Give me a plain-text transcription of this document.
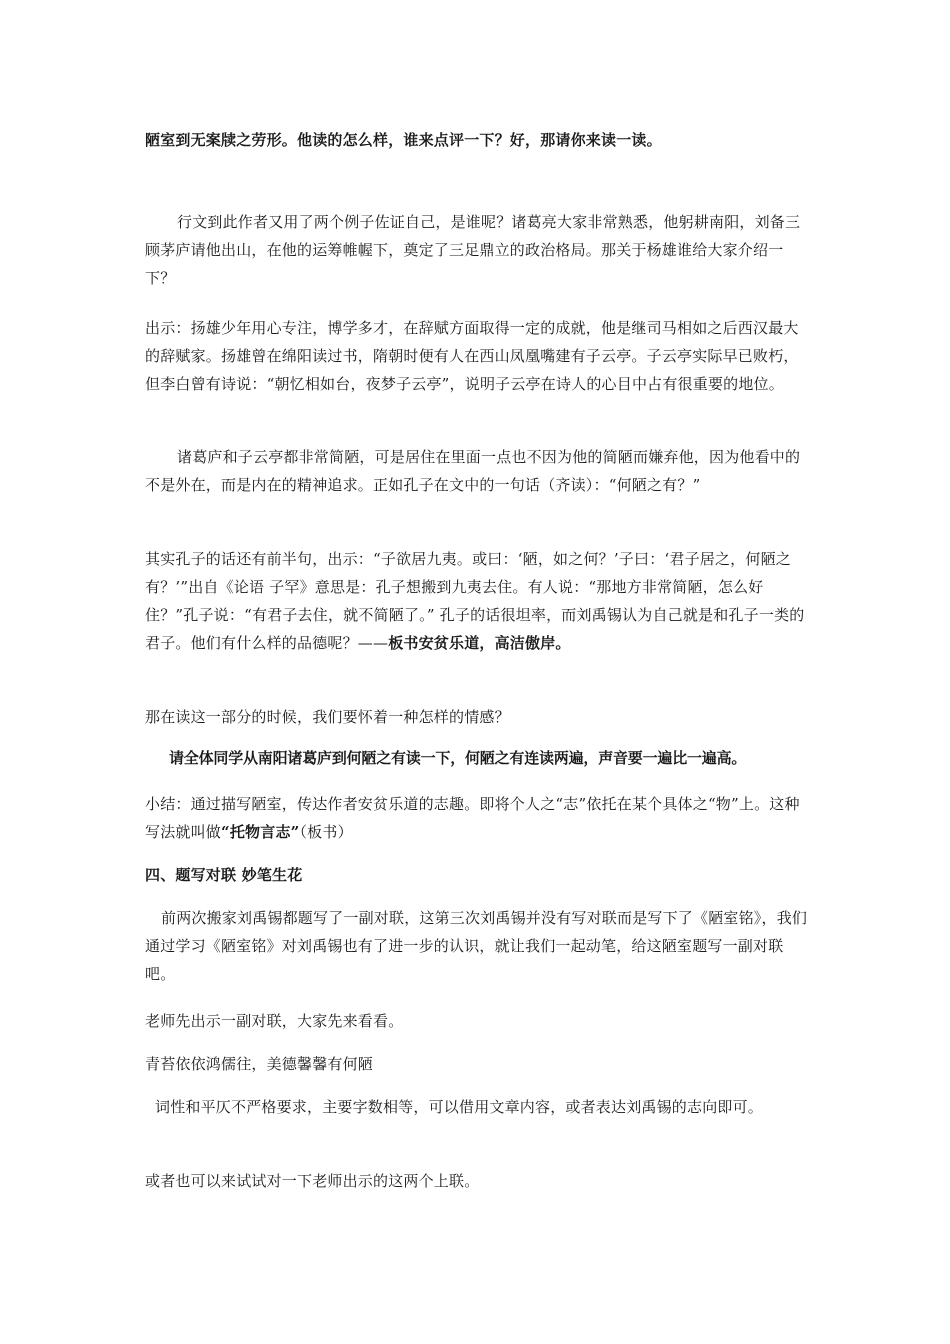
陋室到无案牍之劳形。他读的怎么样，谁来点评一下？好，那请你来读一读。

行文到此作者又用了两个例子佐证自己，是谁呢？诸葛亮大家非常熟悉，他躬耕南阳，刘备三顾茅庐请他出山，在他的运筹帷幄下，奠定了三足鼎立的政治格局。那关于杨雄谁给大家介绍一下？

出示：扬雄少年用心专注，博学多才，在辞赋方面取得一定的成就，他是继司马相如之后西汉最大的辞赋家。扬雄曾在绵阳读过书，隋朝时便有人在西山凤凰嘴建有子云亭。子云亭实际早已败朽，但李白曾有诗说：“朝忆相如台，夜梦子云亭”，说明子云亭在诗人的心目中占有很重要的地位。

诸葛庐和子云亭都非常简陋，可是居住在里面一点也不因为他的简陋而嫌弃他，因为他看中的不是外在，而是内在的精神追求。正如孔子在文中的一句话（齐读）：“何陋之有？”

其实孔子的话还有前半句，出示：“子欲居九夷。或曰：‘陋，如之何？’子曰：‘君子居之，何陋之有？’”出自《论语 子罕》意思是：孔子想搬到九夷去住。有人说：“那地方非常简陋，怎么好住？”孔子说：“有君子去住，就不简陋了。” 孔子的话很坦率，而刘禹锡认为自己就是和孔子一类的君子。他们有什么样的品德呢？——板书安贫乐道，高洁傲岸。

那在读这一部分的时候，我们要怀着一种怎样的情感？

请全体同学从南阳诸葛庐到何陋之有读一下，何陋之有连读两遍，声音要一遍比一遍高。

小结：通过描写陋室，传达作者安贫乐道的志趣。即将个人之“志”依托在某个具体之“物”上。这种写法就叫做“托物言志”（板书）

四、题写对联 妙笔生花

前两次搬家刘禹锡都题写了一副对联，这第三次刘禹锡并没有写对联而是写下了《陋室铭》，我们通过学习《陋室铭》对刘禹锡也有了进一步的认识，就让我们一起动笔，给这陋室题写一副对联吧。

老师先出示一副对联，大家先来看看。

青苔依依鸿儒往，美德馨馨有何陋

词性和平仄不严格要求，主要字数相等，可以借用文章内容，或者表达刘禹锡的志向即可。

或者也可以来试试对一下老师出示的这两个上联。
